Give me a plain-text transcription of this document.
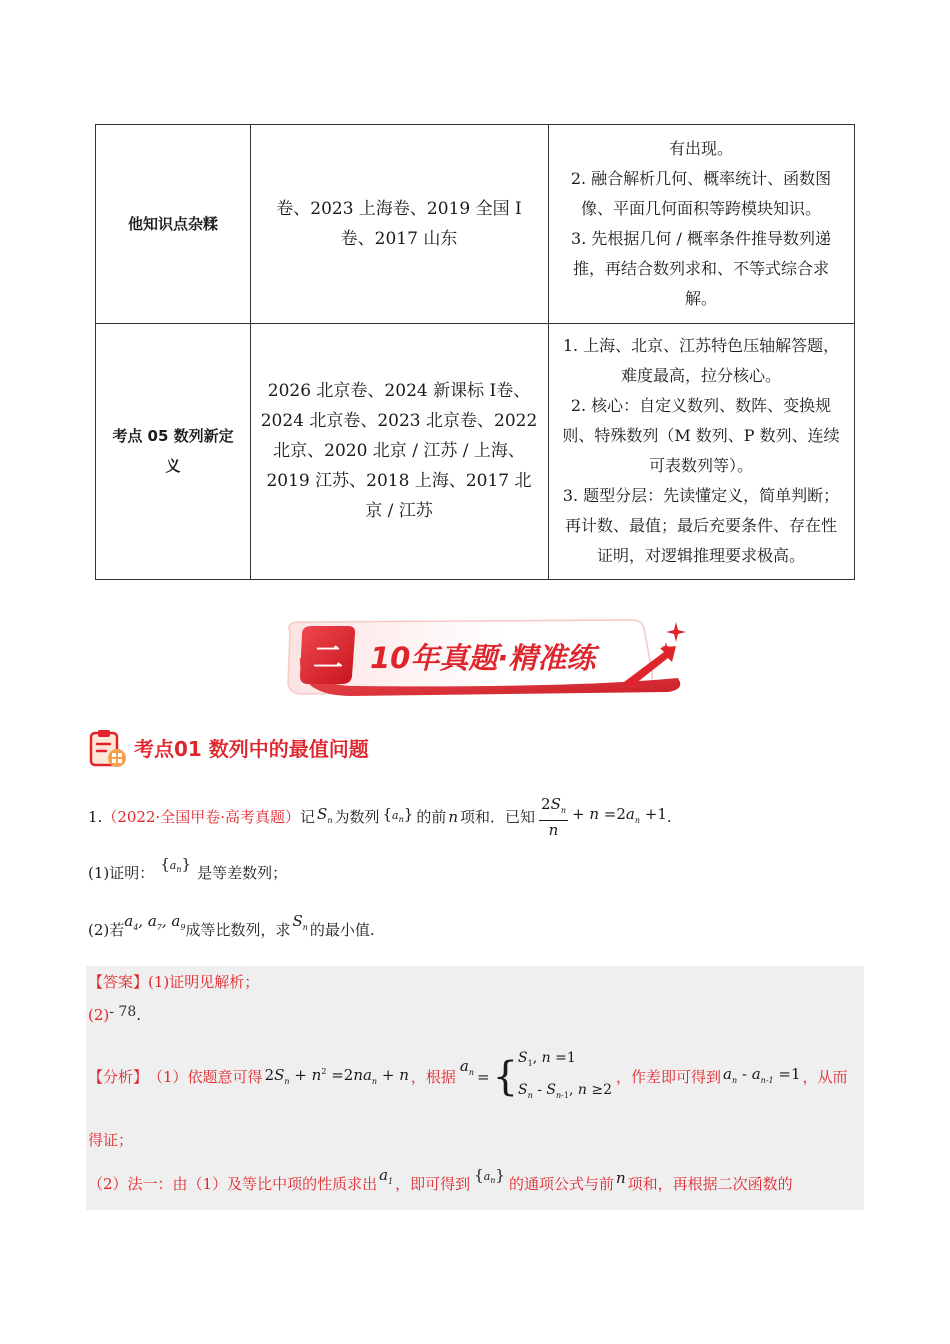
他知识点杂糅
卷、2023 上海卷、2019 全国 Ⅰ卷、2017 山东

有出现。

2. 融合解析几何、概率统计、函数图像、平面几何面积等跨模块知识。

3. 先根据几何 / 概率条件推导数列递推，再结合数列求和、不等式综合求解。

考点 05 数列新定义
2026 北京卷、2024 新课标 Ⅰ卷、2024 北京卷、2023 北京卷、2022 北京、2020 北京 / 江苏 / 上海、2019 江苏、2018 上海、2017 北京 / 江苏

1. 上海、北京、江苏特色压轴解答题，难度最高，拉分核心。

2. 核心：自定义数列、数阵、变换规则、特殊数列（M 数列、P 数列、连续可表数列等）。

3. 题型分层：先读懂定义，简单判断；再计数、最值；最后充要条件、存在性证明，对逻辑推理要求极高。

二 10年真题·精准练
考点01 数列中的最值问题
1. （2022·全国甲卷·高考真题） 记 $S_n$ 为数列 $\{a_n\}$ 的前 n 项和．已知
$2S_n$
n
+ $n =2a_n +1$ .
(1)证明：
$\{a_n\}$
是等差数列；
(2)若
$a_4$, $a_7$, $a_9$ 成等比数列，求
$S_n$ 的最小值.
【答案】 (1)证明见解析；
(2) - 78 .
【分析】 （1）依题意可得 $2S_n + n^2 =2na_n + n$ ，根据
$a_n$ = { $S_1$, n =1
$S_n - S_{n-1}$, n ≥2
，作差即可得到 $a_n - a_{n-1} =1$ ，从而
得证；
（2）法一：由（1）及等比中项的性质求出
$a_1$ ，即可得到
$\{a_n\}$
的通项公式与前 n 项和，再根据二次函数的
